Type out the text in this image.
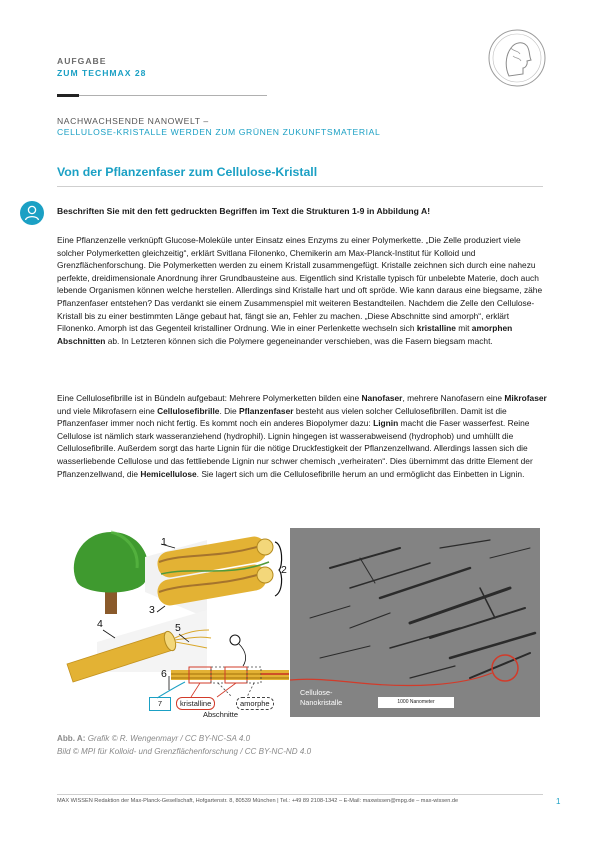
AUFGABE
ZUM TECHMAX 28
NACHWACHSENDE NANOWELT –
CELLULOSE-KRISTALLE WERDEN ZUM GRÜNEN ZUKUNFTSMATERIAL
Von der Pflanzenfaser zum Cellulose-Kristall
Beschriften Sie mit den fett gedruckten Begriffen im Text die Strukturen 1-9 in Abbildung A!
Eine Pflanzenzelle verknüpft Glucose-Moleküle unter Einsatz eines Enzyms zu einer Polymerkette. „Die Zelle produziert viele solcher Polymerketten gleichzeitig“, erklärt Svitlana Filonenko, Chemikerin am Max-Planck-Institut für Kolloid und Grenzflächenforschung. Die Polymerketten werden zu einem Kristall zusammengefügt. Kristalle zeichnen sich durch eine nahezu perfekte, dreidimensionale Anordnung ihrer Grundbausteine aus. Eigentlich sind Kristalle typisch für unbelebte Materie, doch auch lebende Organismen können welche herstellen. Allerdings sind Kristalle hart und oft spröde. Wie kann daraus eine biegsame, zähe Pflanzenfaser entstehen? Das verdankt sie einem Zusammenspiel mit weiteren Bestandteilen. Nachdem die Zelle den Cellulose-Kristall bis zu einer bestimmten Länge gebaut hat, fängt sie an, Fehler zu machen. „Diese Abschnitte sind amorph“, erklärt Filonenko. Amorph ist das Gegenteil kristalliner Ordnung. Wie in einer Perlenkette wechseln sich kristalline mit amorphen Abschnitten ab. In Letzteren können sich die Polymere gegeneinander verschieben, was die Fasern biegsam macht.
Eine Cellulosefibrille ist in Bündeln aufgebaut: Mehrere Polymerketten bilden eine Nanofaser, mehrere Nanofasern eine Mikrofaser und viele Mikrofasern eine Cellulosefibrille. Die Pflanzenfaser besteht aus vielen solcher Cellulosefibrillen. Damit ist die Pflanzenfaser immer noch nicht fertig. Es kommt noch ein anderes Biopolymer dazu: Lignin macht die Faser wasserfest. Reine Cellulose ist nämlich stark wasseranziehend (hydrophil). Lignin hingegen ist wasserabweisend (hydrophob) und umhüllt die Cellulosefibrille. Außerdem sorgt das harte Lignin für die nötige Druckfestigkeit der Pflanzenzellwand. Allerdings lassen sich die wasserliebende Cellulose und das fettliebende Lignin nur schwer chemisch „verheiraten“. Dies übernimmt das dritte Element der Pflanzenzellwand, die Hemicellulose. Sie lagert sich um die Cellulosefibrille herum an und ermöglicht das Einbetten in Lignin.
1
2
3
4	5
6
7	kristalline	amorphe
Abschnitte
Cellulose-
Nanokristalle	1000 Nanometer
Abb. A: Grafik © R. Wengenmayr / CC BY-NC-SA 4.0
Bild © MPI für Kolloid- und Grenzflächenforschung / CC BY-NC-ND 4.0
MAX WISSEN Redaktion der Max-Planck-Gesellschaft, Hofgartenstr. 8, 80539 München | Tel.: +49 89 2108-1342 – E-Mail: maxwissen@mpg.de – max-wissen.de	1
